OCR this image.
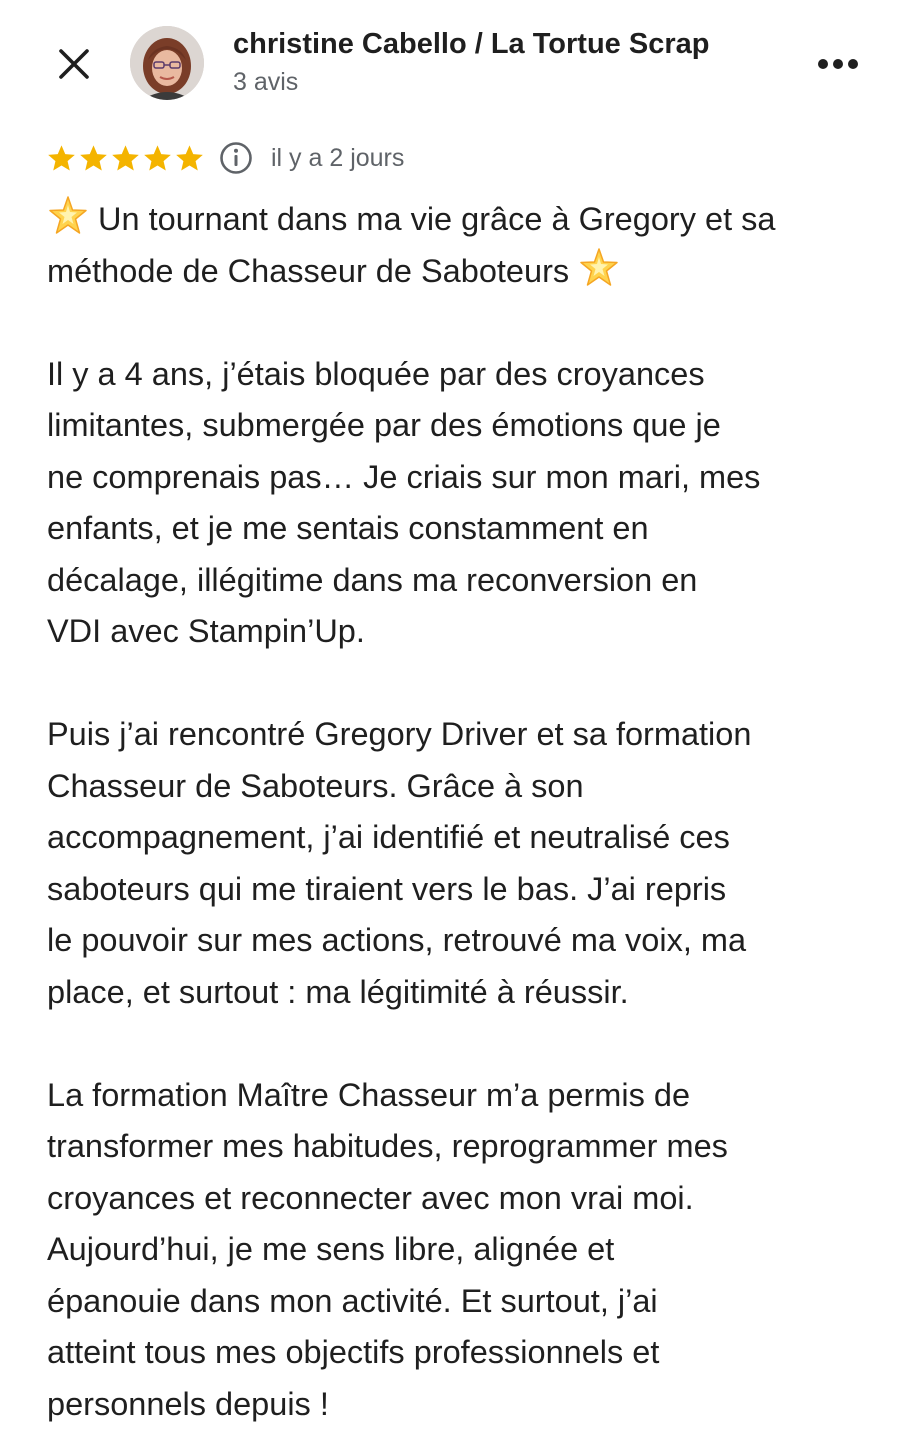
christine Cabello / La Tortue Scrap
3 avis
il y a 2 jours
Un tournant dans ma vie grâce à Gregory et sa méthode de Chasseur de Saboteurs

Il y a 4 ans, j’étais bloquée par des croyances
limitantes, submergée par des émotions que je
ne comprenais pas… Je criais sur mon mari, mes
enfants, et je me sentais constamment en
décalage, illégitime dans ma reconversion en
VDI avec Stampin’Up.

Puis j’ai rencontré Gregory Driver et sa formation
Chasseur de Saboteurs. Grâce à son
accompagnement, j’ai identifié et neutralisé ces
saboteurs qui me tiraient vers le bas. J’ai repris
le pouvoir sur mes actions, retrouvé ma voix, ma
place, et surtout : ma légitimité à réussir.

La formation Maître Chasseur m’a permis de
transformer mes habitudes, reprogrammer mes
croyances et reconnecter avec mon vrai moi.
Aujourd’hui, je me sens libre, alignée et
épanouie dans mon activité. Et surtout, j’ai
atteint tous mes objectifs professionnels et
personnels depuis !
